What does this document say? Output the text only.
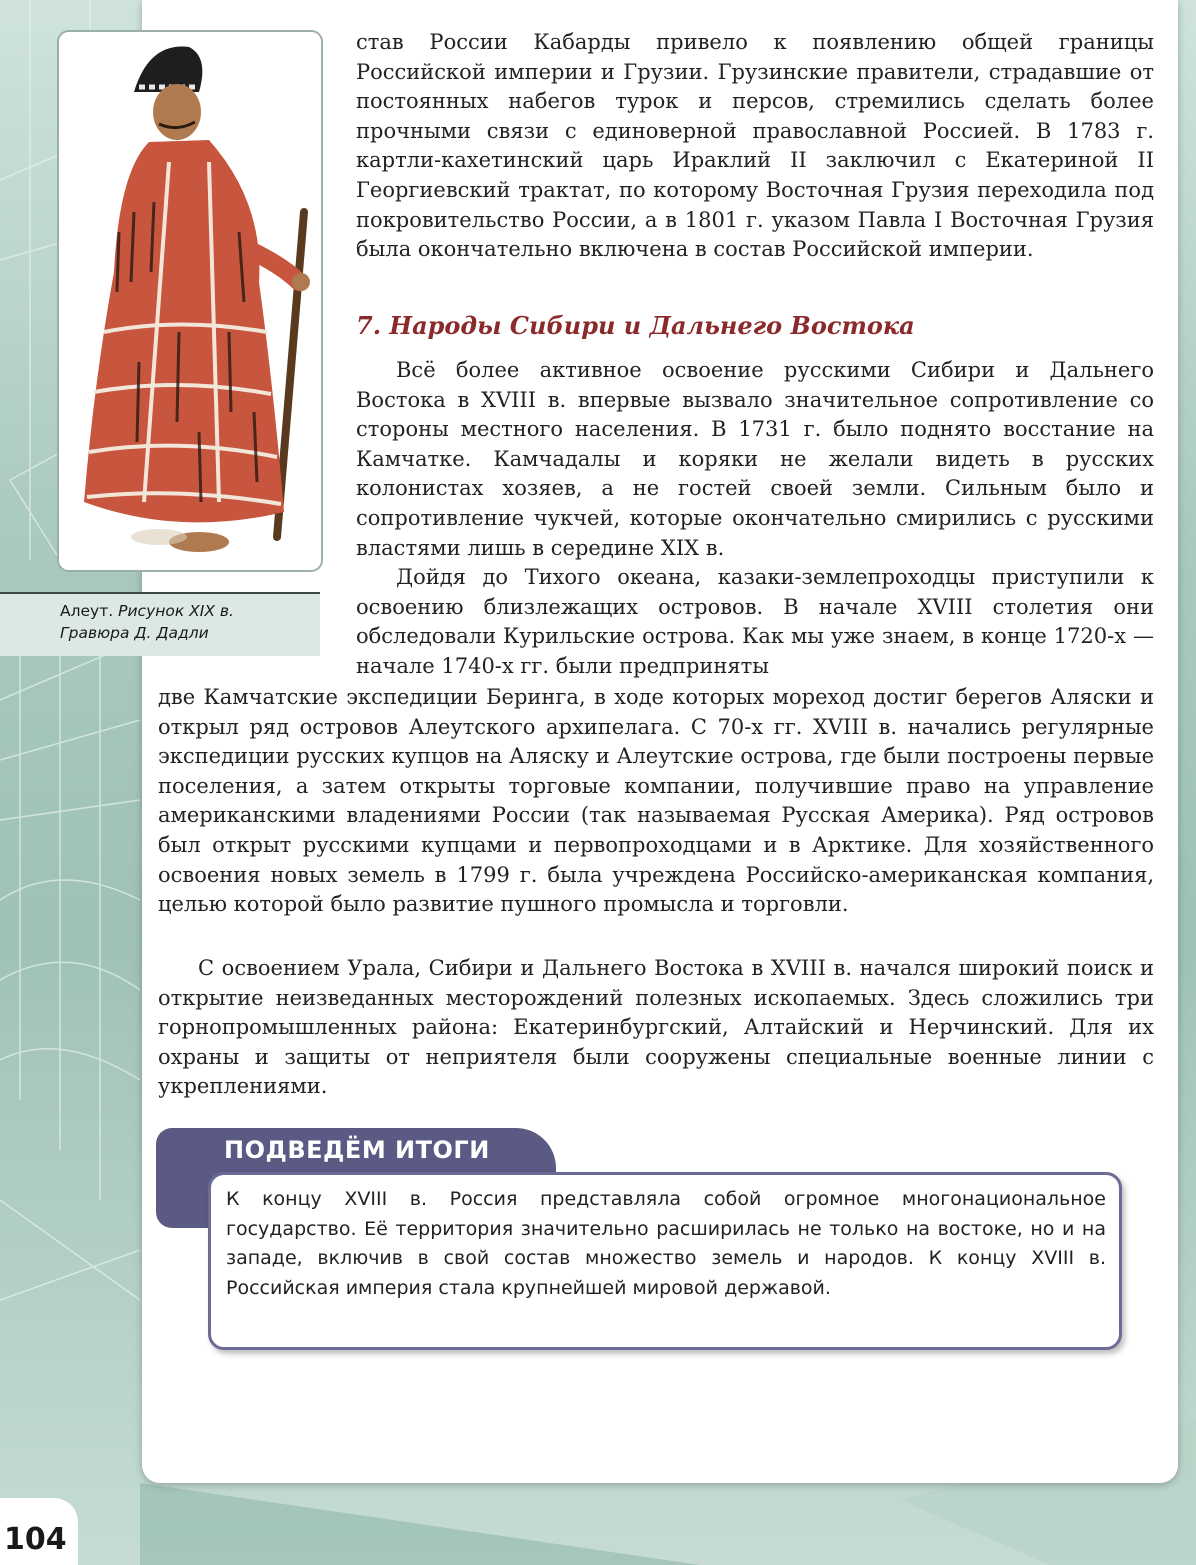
Алеут. Рисунок XIX в.
Гравюра Д. Дадли

став России Кабарды привело к появлению общей границы Российской империи и Грузии. Грузинские правители, страдавшие от постоянных набегов турок и персов, стремились сделать более прочными связи с единоверной православной Россией. В 1783 г. картли-кахетинский царь Ираклий II заключил с Екатериной II Георгиевский трактат, по которому Восточная Грузия переходила под покровительство России, а в 1801 г. указом Павла I Восточная Грузия была окончательно включена в состав Российской империи.

7. Народы Сибири и Дальнего Востока

Всё более активное освоение русскими Сибири и Дальнего Востока в XVIII в. впервые вызвало значительное сопротивление со стороны местного населения. В 1731 г. было поднято восстание на Камчатке. Камчадалы и коряки не желали видеть в русских колонистах хозяев, а не гостей своей земли. Сильным было и сопротивление чукчей, которые окончательно смирились с русскими властями лишь в середине XIX в.

Дойдя до Тихого океана, казаки-землепроходцы приступили к освоению близлежащих островов. В начале XVIII столетия они обследовали Курильские острова. Как мы уже знаем, в конце 1720-х — начале 1740-х гг. были предприняты

две Камчатские экспедиции Беринга, в ходе которых мореход достиг берегов Аляски и открыл ряд островов Алеутского архипелага. С 70-х гг. XVIII в. начались регулярные экспедиции русских купцов на Аляску и Алеутские острова, где были построены первые поселения, а затем открыты торговые компании, получившие право на управление американскими владениями России (так называемая Русская Америка). Ряд островов был открыт русскими купцами и первопроходцами и в Арктике. Для хозяйственного освоения новых земель в 1799 г. была учреждена Российско-американская компания, целью которой было развитие пушного промысла и торговли.

С освоением Урала, Сибири и Дальнего Востока в XVIII в. начался широкий поиск и открытие неизведанных месторождений полезных ископаемых. Здесь сложились три горнопромышленных района: Екатеринбургский, Алтайский и Нерчинский. Для их охраны и защиты от неприятеля были сооружены специальные военные линии с укреплениями.

ПОДВЕДЁМ ИТОГИ
К концу XVIII в. Россия представляла собой огромное многонациональное государство. Её территория значительно расширилась не только на востоке, но и на западе, включив в свой состав множество земель и народов. К концу XVIII в. Российская империя стала крупнейшей мировой державой.
104
